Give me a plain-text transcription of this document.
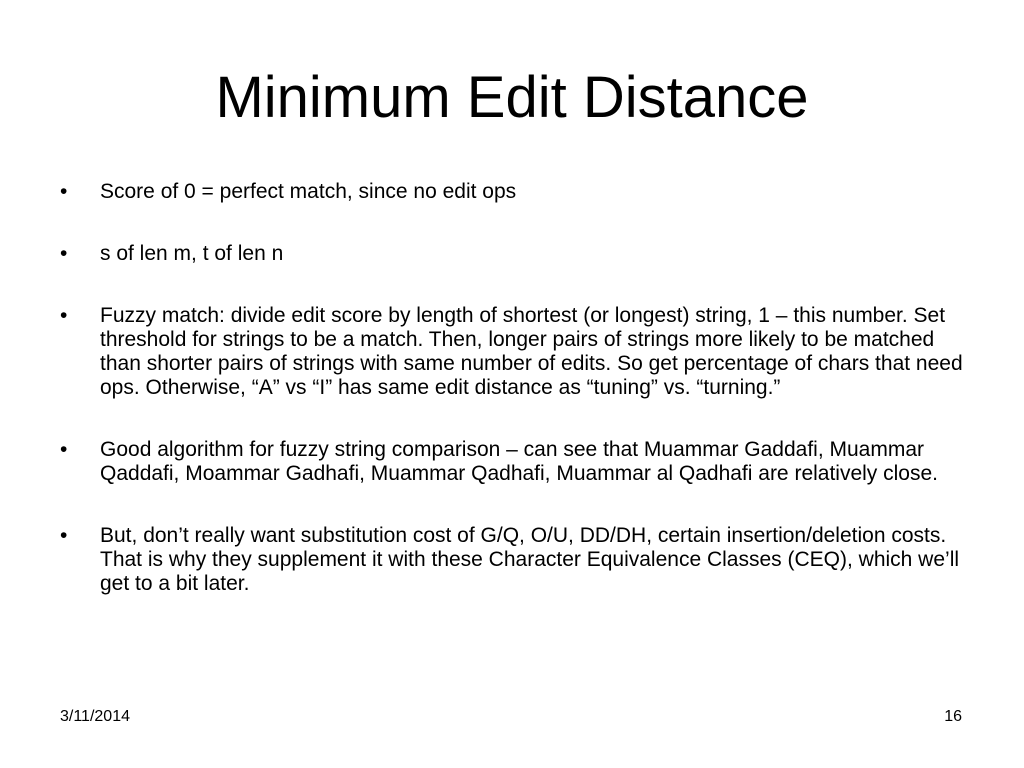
Minimum Edit Distance
•	Score of 0 = perfect match, since no edit ops
•	s of len m, t of len n
•	Fuzzy match: divide edit score by length of shortest (or longest) string, 1 – this number. Set threshold for strings to be a match. Then, longer pairs of strings more likely to be matched than shorter pairs of strings with same number of edits. So get percentage of chars that need ops. Otherwise, “A” vs “I” has same edit distance as “tuning” vs. “turning.”
•	Good algorithm for fuzzy string comparison – can see that Muammar Gaddafi, Muammar Qaddafi, Moammar Gadhafi, Muammar Qadhafi, Muammar al Qadhafi are relatively close.
•	But, don’t really want substitution cost of G/Q, O/U, DD/DH, certain insertion/deletion costs. That is why they supplement it with these Character Equivalence Classes (CEQ), which we’ll get to a bit later.
3/11/2014	16
